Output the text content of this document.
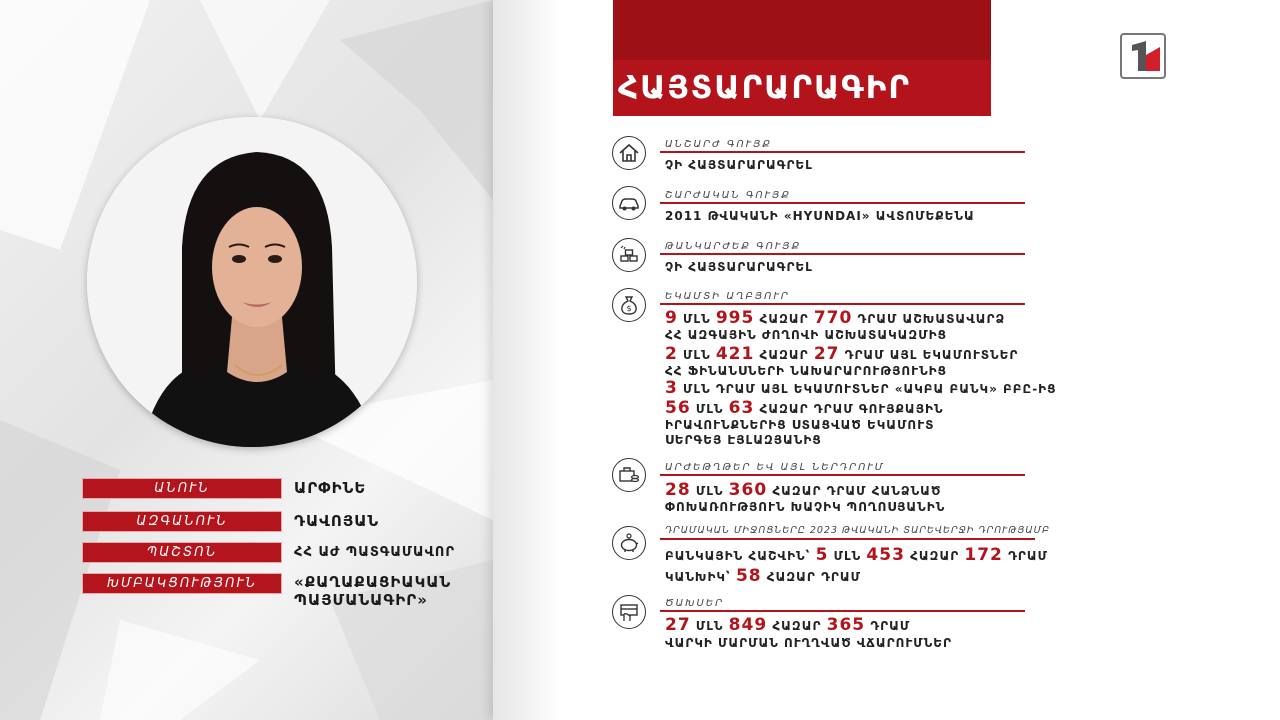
ԱՆՈՒՆ	ԱՐՓԻՆԵ
ԱԶԳԱՆՈՒՆ	ԴԱՎՈՅԱՆ
ՊԱՇՏՈՆ	ՀՀ ԱԺ ՊԱՏԳԱՄԱՎՈՐ
ԽՄԲԱԿՑՈՒԹՅՈՒՆ	«ՔԱՂԱՔԱՑԻԱԿԱՆ
ՊԱՅՄԱՆԱԳԻՐ»
ՀԱՅՏԱՐԱՐԱԳԻՐ
ԱՆՇԱՐԺ ԳՈՒՅՔ
ՉԻ ՀԱՅՏԱՐԱՐԱԳՐԵԼ
ՇԱՐԺԱԿԱՆ ԳՈՒՅՔ
2011 ԹՎԱԿԱՆԻ «HYUNDAI» ԱՎՏՈՄԵՔԵՆԱ
ԹԱՆԿԱՐԺԵՔ ԳՈՒՅՔ
ՉԻ ՀԱՅՏԱՐԱՐԱԳՐԵԼ
$
ԵԿԱՄՏԻ ԱՂԲՅՈՒՐ
9 ՄԼՆ 995 ՀԱԶԱՐ 770 ԴՐԱՄ ԱՇԽԱՏԱՎԱՐՁ
ՀՀ ԱԶԳԱՅԻՆ ԺՈՂՈՎԻ ԱՇԽԱՏԱԿԱԶՄԻՑ
2 ՄԼՆ 421 ՀԱԶԱՐ 27 ԴՐԱՄ ԱՅԼ ԵԿԱՄՈՒՏՆԵՐ
ՀՀ ՖԻՆԱՆՍՆԵՐԻ ՆԱԽԱՐԱՐՈՒԹՅՈՒՆԻՑ
3 ՄԼՆ ԴՐԱՄ ԱՅԼ ԵԿԱՄՈՒՏՆԵՐ «ԱԿԲԱ ԲԱՆԿ» ԲԲԸ-ԻՑ
56 ՄԼՆ 63 ՀԱԶԱՐ ԴՐԱՄ ԳՈՒՅՔԱՅԻՆ
ԻՐԱՎՈՒՆՔՆԵՐԻՑ ՍՏԱՑՎԱԾ ԵԿԱՄՈՒՏ
ՍԵՐԳԵՅ ԷՅԼԱԶՅԱՆԻՑ
ԱՐԺԵԹՂԹԵՐ ԵՎ ԱՅԼ ՆԵՐԴՐՈՒՄ
28 ՄԼՆ 360 ՀԱԶԱՐ ԴՐԱՄ ՀԱՆՁՆԱԾ
ՓՈԽԱՌՈՒԹՅՈՒՆ ԽԱՉԻԿ ՊՈՂՈՍՅԱՆԻՆ
ԴՐԱՄԱԿԱՆ ՄԻՋՈՑՆԵՐԸ 2023 ԹՎԱԿԱՆԻ ՏԱՐԵՎԵՐՋԻ ԴՐՈՒԹՅԱՄԲ
ԲԱՆԿԱՅԻՆ ՀԱՇՎԻՆ՝ 5 ՄԼՆ 453 ՀԱԶԱՐ 172 ԴՐԱՄ
ԿԱՆԽԻԿ՝ 58 ՀԱԶԱՐ ԴՐԱՄ
ԾԱԽՍԵՐ
27 ՄԼՆ 849 ՀԱԶԱՐ 365 ԴՐԱՄ
ՎԱՐԿԻ ՄԱՐՄԱՆ ՈՒՂՂՎԱԾ ՎՃԱՐՈՒՄՆԵՐ
